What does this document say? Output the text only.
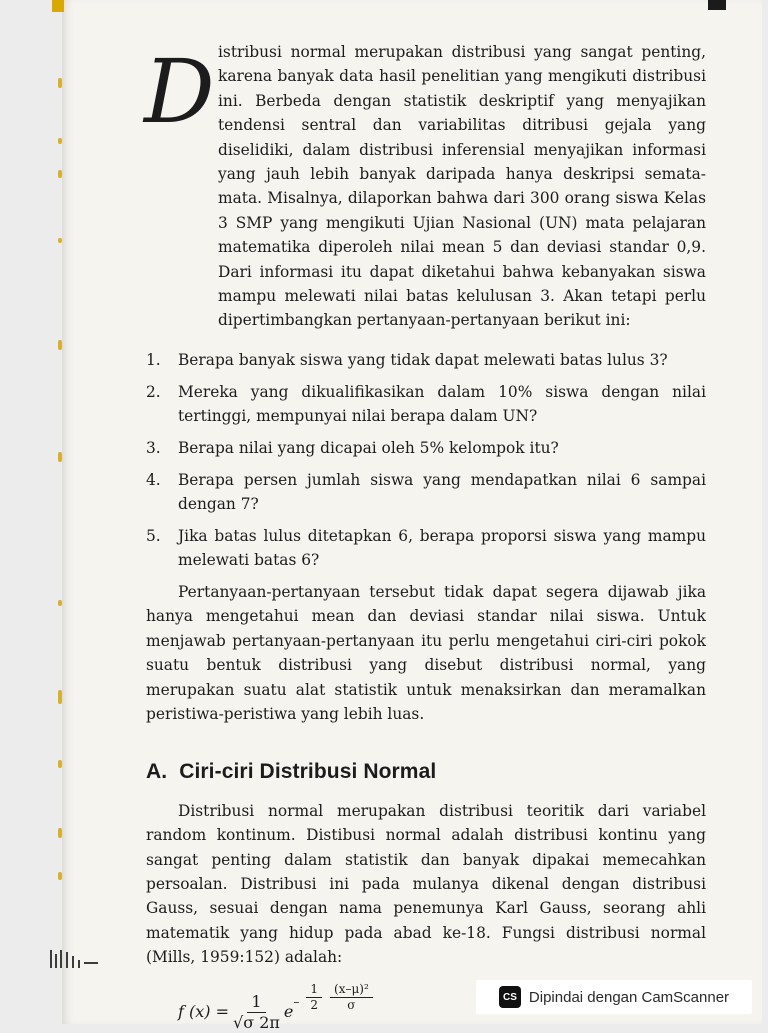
D istribusi normal merupakan distribusi yang sangat penting, karena banyak data hasil penelitian yang mengikuti distribusi ini. Berbeda dengan statistik deskriptif yang menyajikan tendensi sentral dan variabilitas ditribusi gejala yang diselidiki, dalam distribusi inferensial menyajikan informasi yang jauh lebih banyak daripada hanya deskripsi semata-mata. Misalnya, dilaporkan bahwa dari 300 orang siswa Kelas 3 SMP yang mengikuti Ujian Nasional (UN) mata pelajaran matematika diperoleh nilai mean 5 dan deviasi standar 0,9. Dari informasi itu dapat diketahui bahwa kebanyakan siswa mampu melewati nilai batas kelulusan 3. Akan tetapi perlu dipertimbangkan pertanyaan-pertanyaan berikut ini:

1. Berapa banyak siswa yang tidak dapat melewati batas lulus 3?
2. Mereka yang dikualifikasikan dalam 10% siswa dengan nilai tertinggi, mempunyai nilai berapa dalam UN?
3. Berapa nilai yang dicapai oleh 5% kelompok itu?
4. Berapa persen jumlah siswa yang mendapatkan nilai 6 sampai dengan 7?
5. Jika batas lulus ditetapkan 6, berapa proporsi siswa yang mampu melewati batas 6?

Pertanyaan-pertanyaan tersebut tidak dapat segera dijawab jika hanya mengetahui mean dan deviasi standar nilai siswa. Untuk menjawab pertanyaan-pertanyaan itu perlu mengetahui ciri-ciri pokok suatu bentuk distribusi yang disebut distribusi normal, yang merupakan suatu alat statistik untuk menaksirkan dan meramalkan peristiwa-peristiwa yang lebih luas.

A. Ciri-ciri Distribusi Normal

Distribusi normal merupakan distribusi teoritik dari variabel random kontinum. Distibusi normal adalah distribusi kontinu yang sangat penting dalam statistik dan banyak dipakai memecahkan persoalan. Distribusi ini pada mulanya dikenal dengan distribusi Gauss, sesuai dengan nama penemunya Karl Gauss, seorang ahli matematik yang hidup pada abad ke-18. Fungsi distribusi normal (Mills, 1959:152) adalah:

f $(x) = \frac{1}{√\sigma 2\pi}$ e – $\frac{1}{2} \frac{\text{(x–μ)²}}{\sigma}$	CS Dipindai dengan CamScanner
